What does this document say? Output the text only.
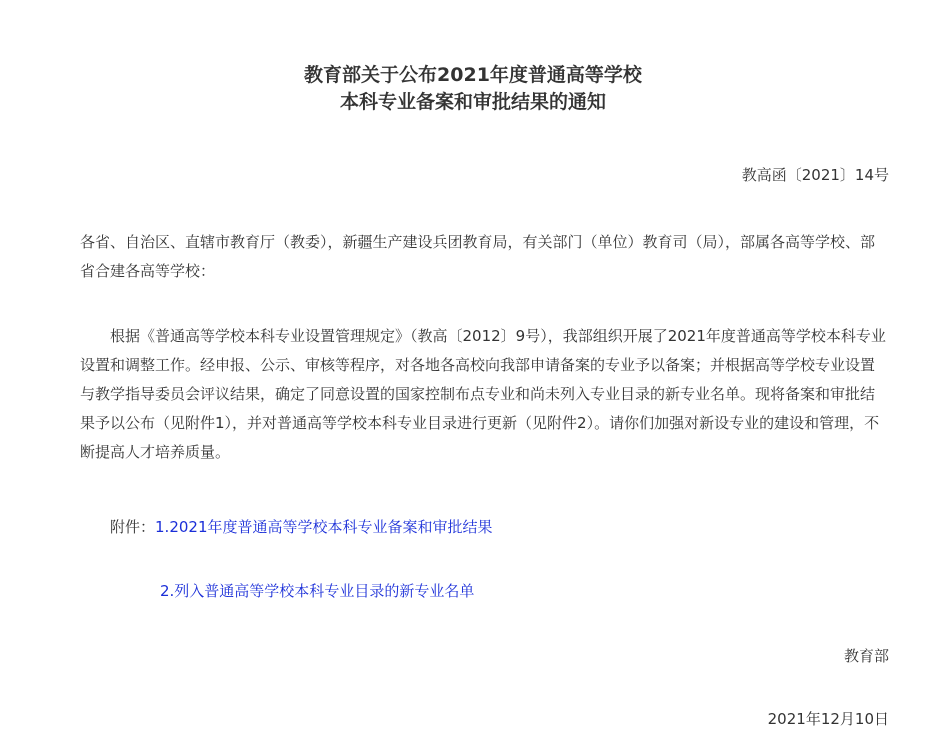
教育部关于公布2021年度普通高等学校
本科专业备案和审批结果的通知
教高函〔2021〕14号
各省、自治区、直辖市教育厅（教委），新疆生产建设兵团教育局，有关部门（单位）教育司（局），部属各高等学校、部省合建各高等学校：
根据《普通高等学校本科专业设置管理规定》（教高〔2012〕9号），我部组织开展了2021年度普通高等学校本科专业设置和调整工作。经申报、公示、审核等程序，对各地各高校向我部申请备案的专业予以备案；并根据高等学校专业设置与教学指导委员会评议结果，确定了同意设置的国家控制布点专业和尚未列入专业目录的新专业名单。现将备案和审批结果予以公布（见附件1），并对普通高等学校本科专业目录进行更新（见附件2）。请你们加强对新设专业的建设和管理，不断提高人才培养质量。
附件：1.2021年度普通高等学校本科专业备案和审批结果
2.列入普通高等学校本科专业目录的新专业名单
教育部
2021年12月10日
